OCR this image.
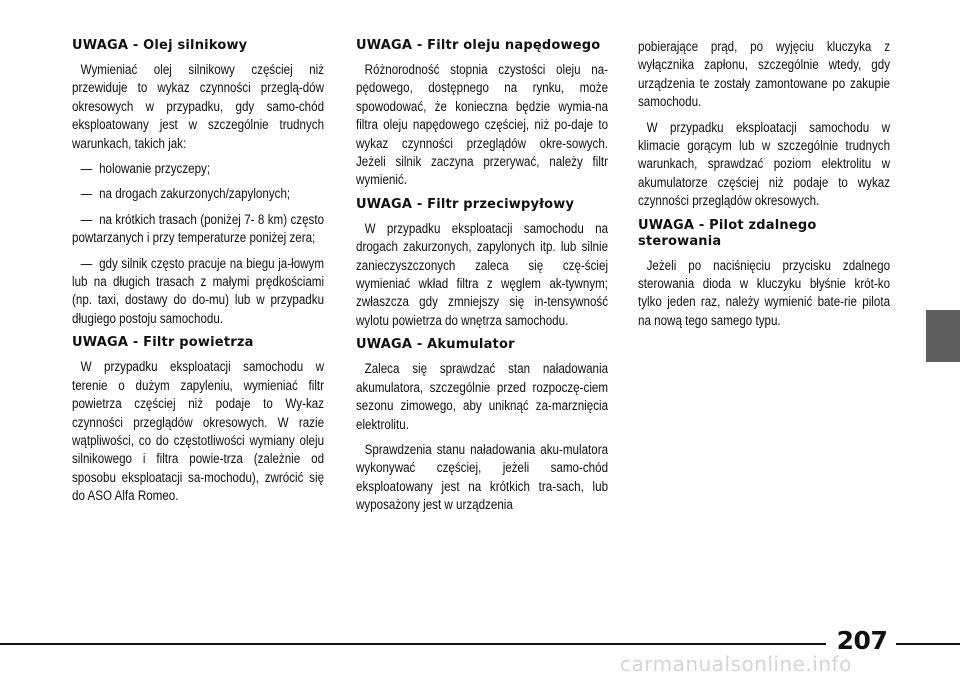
UWAGA - Olej silnikowy
Wymieniać olej silnikowy częściej niż przewiduje to wykaz czynności przeglą-dów okresowych w przypadku, gdy samo-chód eksploatowany jest w szczególnie trudnych warunkach, takich jak:
— holowanie przyczepy;
— na drogach zakurzonych/zapylonych;
— na krótkich trasach (poniżej 7- 8 km) często powtarzanych i przy temperaturze poniżej zera;
— gdy silnik często pracuje na biegu ja-łowym lub na długich trasach z małymi prędkościami (np. taxi, dostawy do do-mu) lub w przypadku długiego postoju samochodu.
UWAGA - Filtr powietrza
W przypadku eksploatacji samochodu w terenie o dużym zapyleniu, wymieniać filtr powietrza częściej niż podaje to Wy-kaz czynności przeglądów okresowych. W razie wątpliwości, co do częstotliwości wymiany oleju silnikowego i filtra powie-trza (zależnie od sposobu eksploatacji sa-mochodu), zwrócić się do ASO Alfa Romeo.
UWAGA - Filtr oleju napędowego
Różnorodność stopnia czystości oleju na-pędowego, dostępnego na rynku, może spowodować, że konieczna będzie wymia-na filtra oleju napędowego częściej, niż po-daje to wykaz czynności przeglądów okre-sowych. Jeżeli silnik zaczyna przerywać, należy filtr wymienić.
UWAGA - Filtr przeciwpyłowy
W przypadku eksploatacji samochodu na drogach zakurzonych, zapylonych itp. lub silnie zanieczyszczonych zaleca się czę-ściej wymieniać wkład filtra z węglem ak-tywnym; zwłaszcza gdy zmniejszy się in-tensywność wylotu powietrza do wnętrza samochodu.
UWAGA - Akumulator
Zaleca się sprawdzać stan naładowania akumulatora, szczególnie przed rozpoczę-ciem sezonu zimowego, aby uniknąć za-marznięcia elektrolitu.
Sprawdzenia stanu naładowania aku-mulatora wykonywać częściej, jeżeli samo-chód eksploatowany jest na krótkich tra-sach, lub wyposażony jest w urządzenia
pobierające prąd, po wyjęciu kluczyka z wyłącznika zapłonu, szczególnie wtedy, gdy urządzenia te zostały zamontowane po zakupie samochodu.
W przypadku eksploatacji samochodu w klimacie gorącym lub w szczególnie trudnych warunkach, sprawdzać poziom elektrolitu w akumulatorze częściej niż podaje to wykaz czynności przeglądów okresowych.
UWAGA - Pilot zdalnego sterowania
Jeżeli po naciśnięciu przycisku zdalnego sterowania dioda w kluczyku błyśnie krót-ko tylko jeden raz, należy wymienić bate-rie pilota na nową tego samego typu.
207
carmanualsonline.info
